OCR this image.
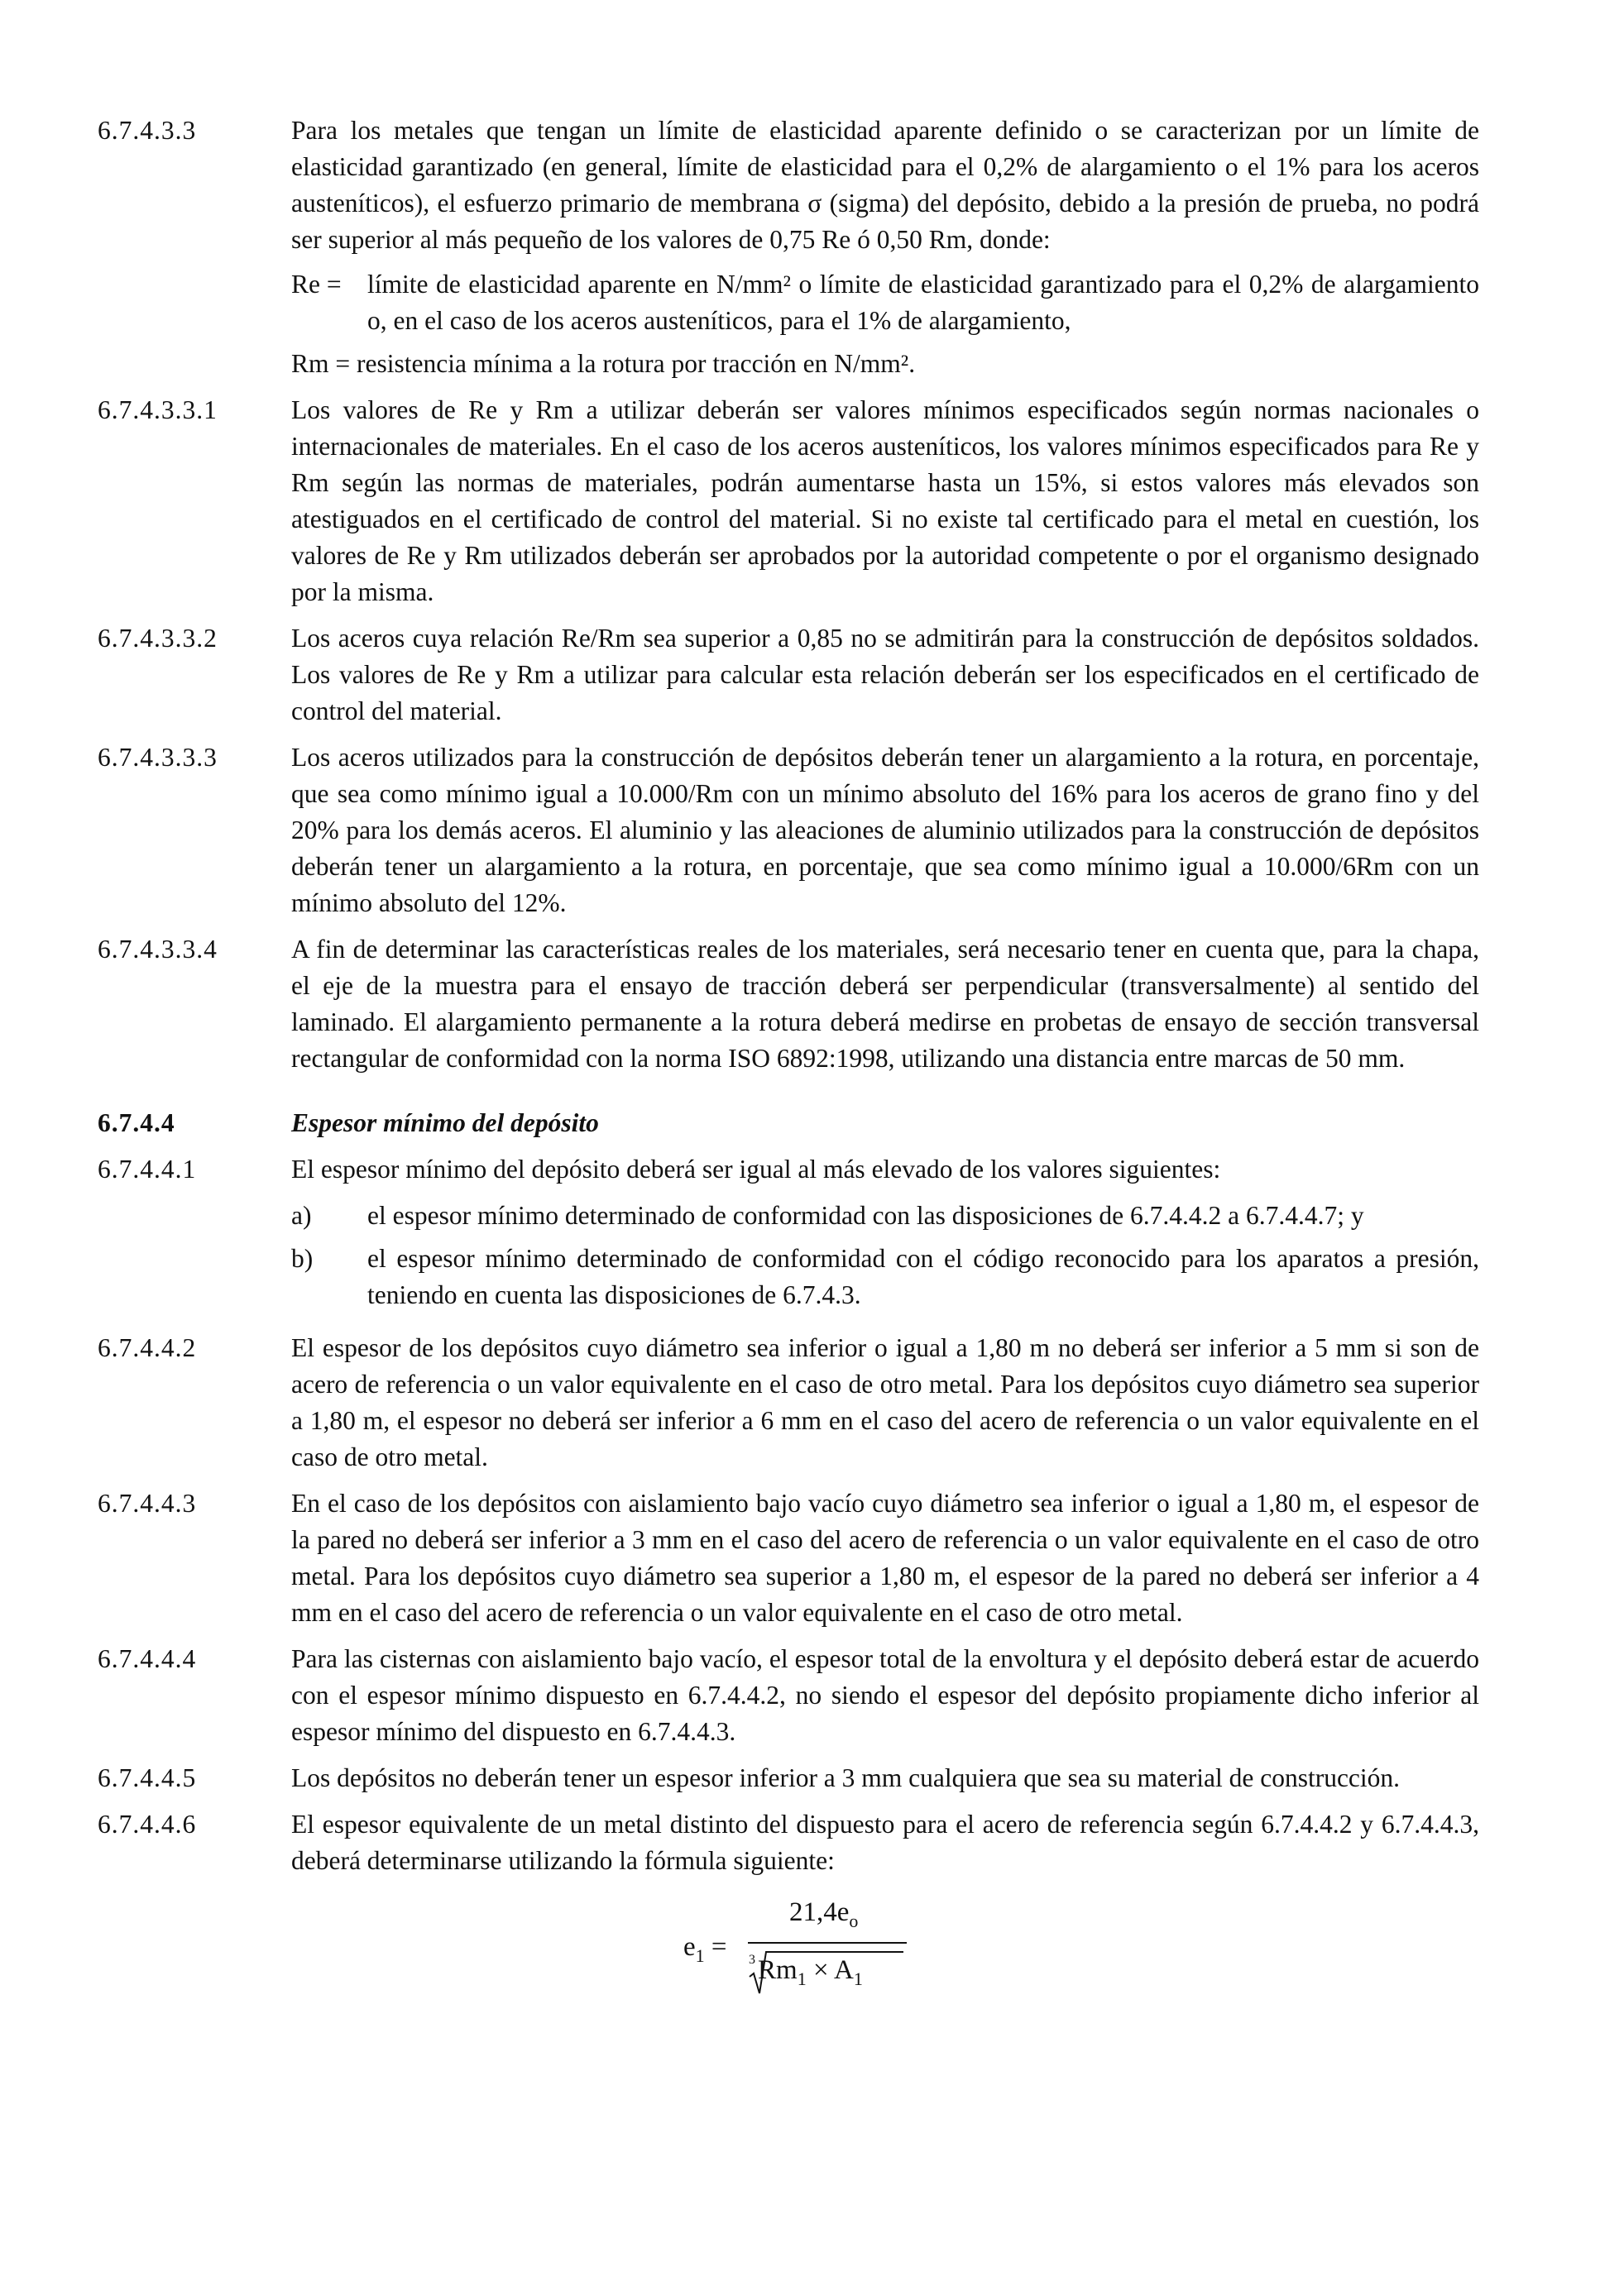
6.7.4.3.3	Para los metales que tengan un límite de elasticidad aparente definido o se caracterizan por un límite de elasticidad garantizado (en general, límite de elasticidad para el 0,2% de alargamiento o el 1% para los aceros austeníticos), el esfuerzo primario de membrana σ (sigma) del depósito, debido a la presión de prueba, no podrá ser superior al más pequeño de los valores de 0,75 Re ó 0,50 Rm, donde:
Re = límite de elasticidad aparente en N/mm² o límite de elasticidad garantizado para el 0,2% de alargamiento o, en el caso de los aceros austeníticos, para el 1% de alargamiento,
Rm = resistencia mínima a la rotura por tracción en N/mm².
6.7.4.3.3.1	Los valores de Re y Rm a utilizar deberán ser valores mínimos especificados según normas nacionales o internacionales de materiales. En el caso de los aceros austeníticos, los valores mínimos especificados para Re y Rm según las normas de materiales, podrán aumentarse hasta un 15%, si estos valores más elevados son atestiguados en el certificado de control del material. Si no existe tal certificado para el metal en cuestión, los valores de Re y Rm utilizados deberán ser aprobados por la autoridad competente o por el organismo designado por la misma.
6.7.4.3.3.2	Los aceros cuya relación Re/Rm sea superior a 0,85 no se admitirán para la construcción de depósitos soldados. Los valores de Re y Rm a utilizar para calcular esta relación deberán ser los especificados en el certificado de control del material.
6.7.4.3.3.3	Los aceros utilizados para la construcción de depósitos deberán tener un alargamiento a la rotura, en porcentaje, que sea como mínimo igual a 10.000/Rm con un mínimo absoluto del 16% para los aceros de grano fino y del 20% para los demás aceros. El aluminio y las aleaciones de aluminio utilizados para la construcción de depósitos deberán tener un alargamiento a la rotura, en porcentaje, que sea como mínimo igual a 10.000/6Rm con un mínimo absoluto del 12%.
6.7.4.3.3.4	A fin de determinar las características reales de los materiales, será necesario tener en cuenta que, para la chapa, el eje de la muestra para el ensayo de tracción deberá ser perpendicular (transversalmente) al sentido del laminado. El alargamiento permanente a la rotura deberá medirse en probetas de ensayo de sección transversal rectangular de conformidad con la norma ISO 6892:1998, utilizando una distancia entre marcas de 50 mm.
6.7.4.4	Espesor mínimo del depósito
6.7.4.4.1	El espesor mínimo del depósito deberá ser igual al más elevado de los valores siguientes:
a)	el espesor mínimo determinado de conformidad con las disposiciones de 6.7.4.4.2 a 6.7.4.4.7; y
b)	el espesor mínimo determinado de conformidad con el código reconocido para los aparatos a presión, teniendo en cuenta las disposiciones de 6.7.4.3.
6.7.4.4.2	El espesor de los depósitos cuyo diámetro sea inferior o igual a 1,80 m no deberá ser inferior a 5 mm si son de acero de referencia o un valor equivalente en el caso de otro metal. Para los depósitos cuyo diámetro sea superior a 1,80 m, el espesor no deberá ser inferior a 6 mm en el caso del acero de referencia o un valor equivalente en el caso de otro metal.
6.7.4.4.3	En el caso de los depósitos con aislamiento bajo vacío cuyo diámetro sea inferior o igual a 1,80 m, el espesor de la pared no deberá ser inferior a 3 mm en el caso del acero de referencia o un valor equivalente en el caso de otro metal. Para los depósitos cuyo diámetro sea superior a 1,80 m, el espesor de la pared no deberá ser inferior a 4 mm en el caso del acero de referencia o un valor equivalente en el caso de otro metal.
6.7.4.4.4	Para las cisternas con aislamiento bajo vacío, el espesor total de la envoltura y el depósito deberá estar de acuerdo con el espesor mínimo dispuesto en 6.7.4.4.2, no siendo el espesor del depósito propiamente dicho inferior al espesor mínimo del dispuesto en 6.7.4.4.3.
6.7.4.4.5	Los depósitos no deberán tener un espesor inferior a 3 mm cualquiera que sea su material de construcción.
6.7.4.4.6	El espesor equivalente de un metal distinto del dispuesto para el acero de referencia según 6.7.4.4.2 y 6.7.4.4.3, deberá determinarse utilizando la fórmula siguiente:
$e_1$ =
$21,4e_o$
3 $Rm_1 \times A_1$
